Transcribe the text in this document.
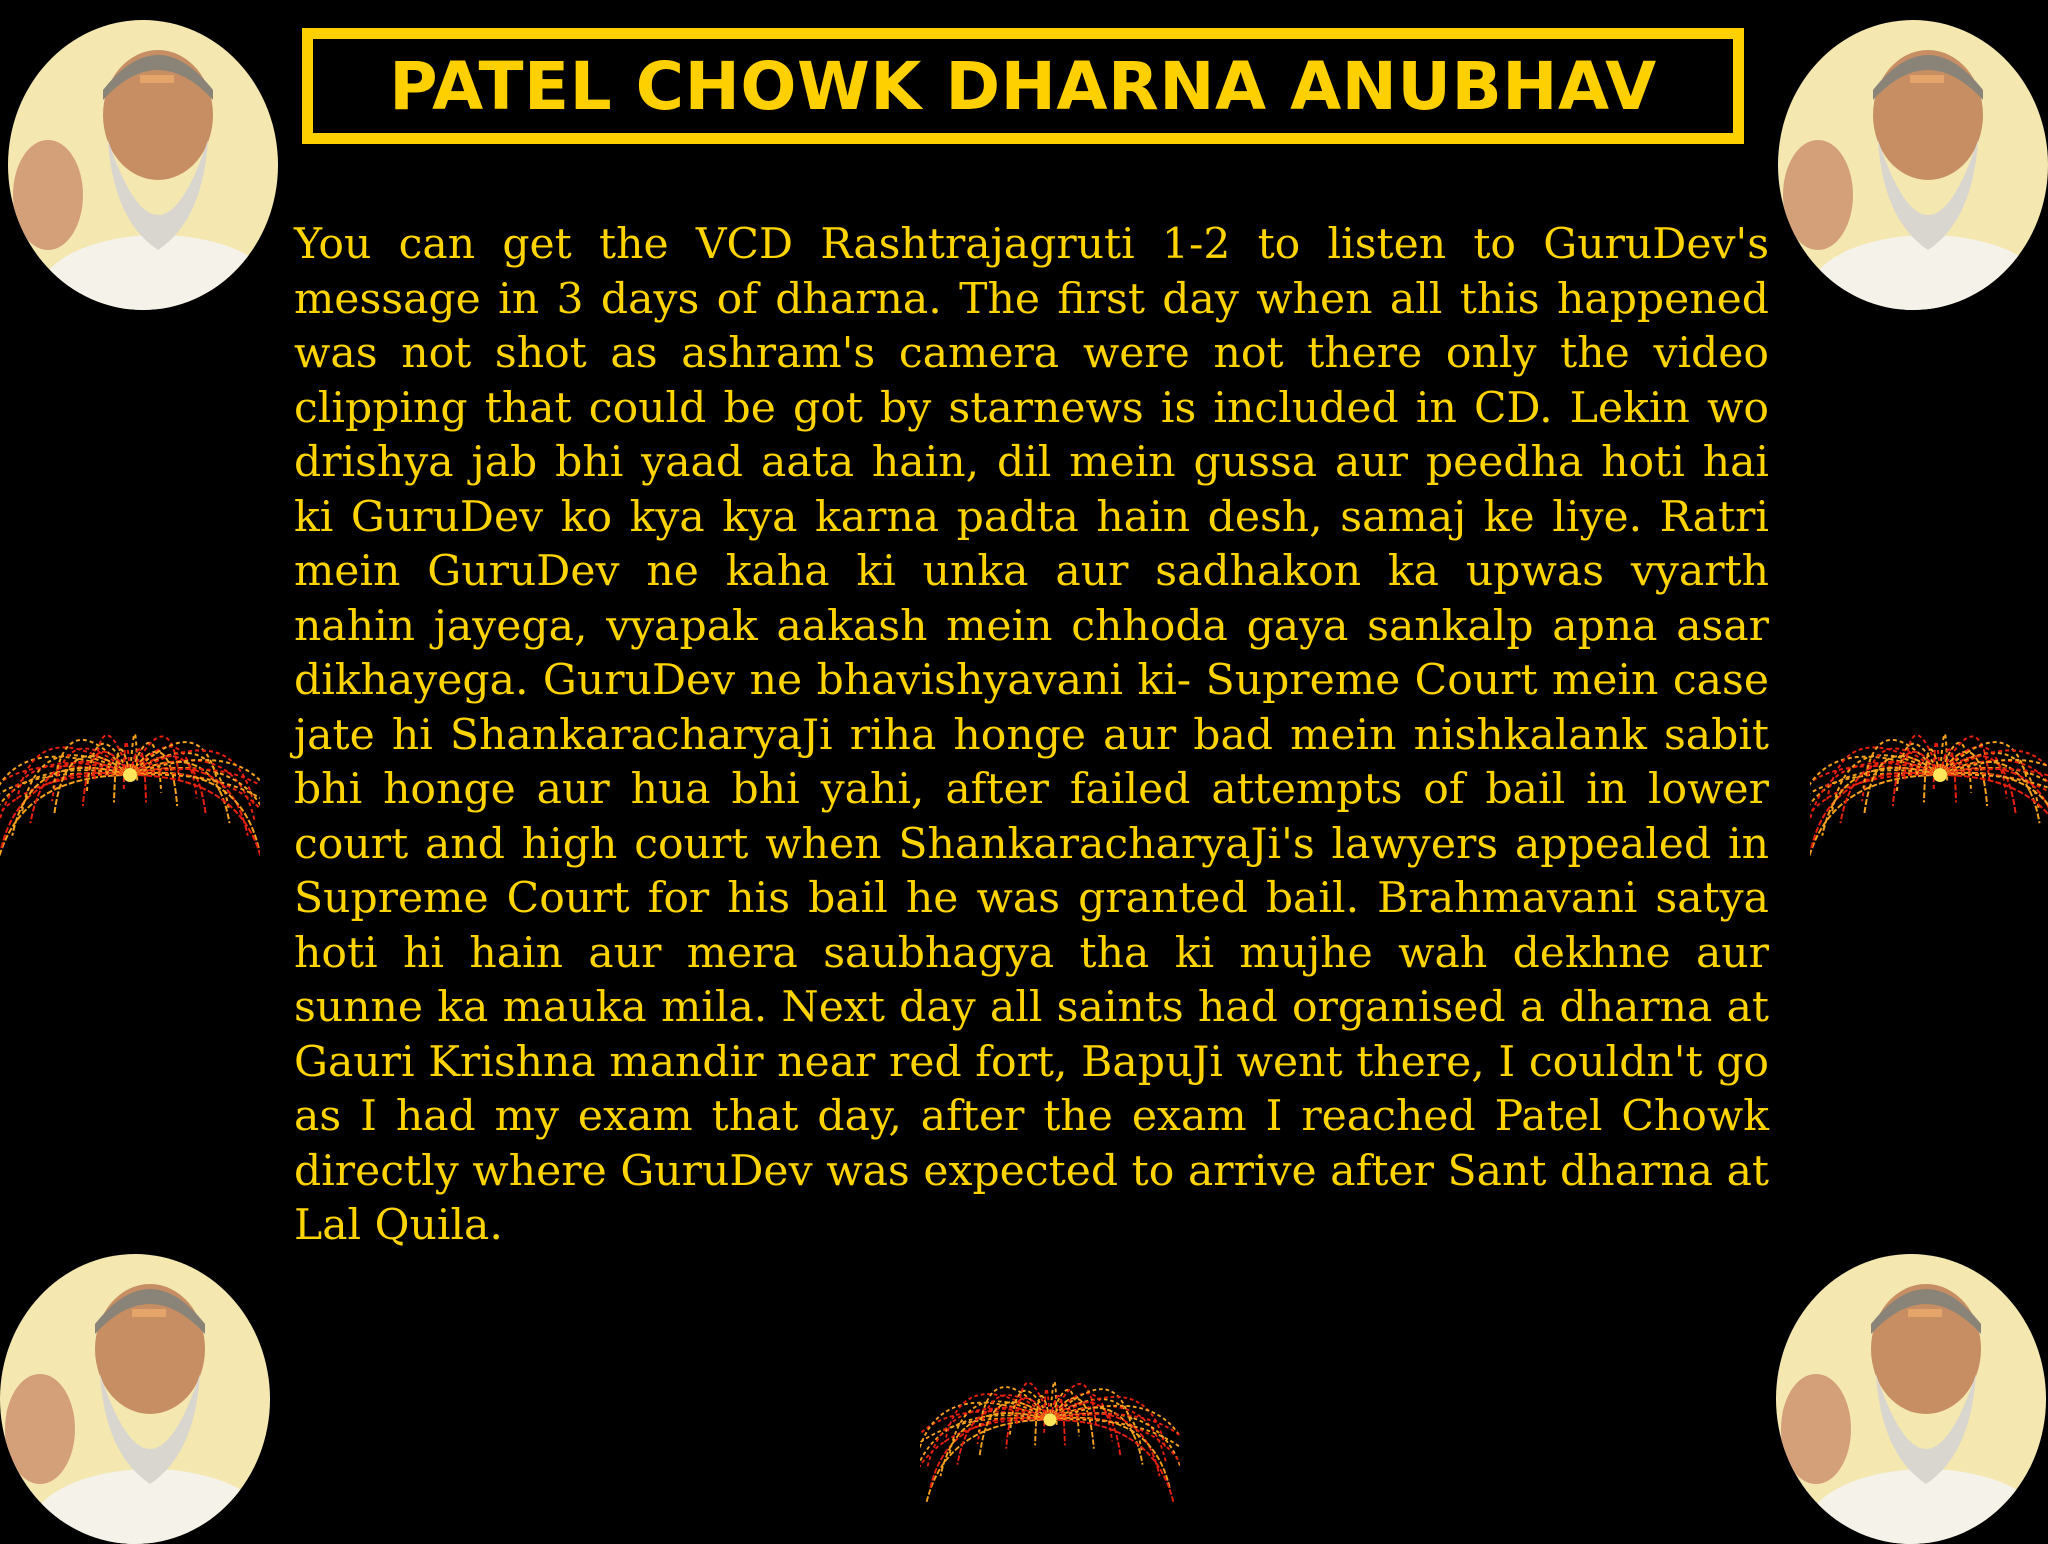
PATEL CHOWK DHARNA ANUBHAV

You can get the VCD Rashtrajagruti 1-2 to listen to GuruDev's message in 3 days of dharna. The first day when all this happened was not shot as ashram's camera were not there only the video clipping that could be got by starnews is included in CD. Lekin wo drishya jab bhi yaad aata hain, dil mein gussa aur peedha hoti hai ki GuruDev ko kya kya karna padta hain desh, samaj ke liye. Ratri mein GuruDev ne kaha ki unka aur sadhakon ka upwas vyarth nahin jayega, vyapak aakash mein chhoda gaya sankalp apna asar dikhayega. GuruDev ne bhavishyavani ki- Supreme Court mein case jate hi ShankaracharyaJi riha honge aur bad mein nishkalank sabit bhi honge aur hua bhi yahi, after failed attempts of bail in lower court and high court when ShankaracharyaJi's lawyers appealed in Supreme Court for his bail he was granted bail. Brahmavani satya hoti hi hain aur mera saubhagya tha ki mujhe wah dekhne aur sunne ka mauka mila. Next day all saints had organised a dharna at Gauri Krishna mandir near red fort, BapuJi went there, I couldn't go as I had my exam that day, after the exam I reached Patel Chowk directly where GuruDev was expected to arrive after Sant dharna at Lal Quila.
